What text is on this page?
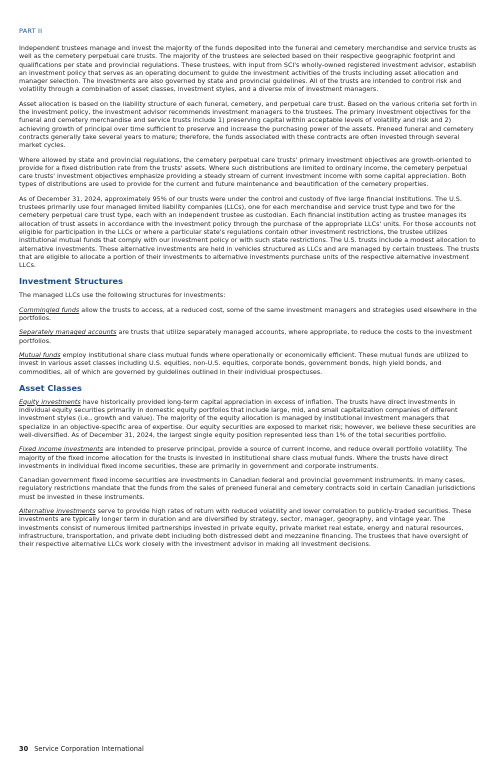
PART II

Independent trustees manage and invest the majority of the funds deposited into the funeral and cemetery merchandise and service trusts as well as the cemetery perpetual care trusts. The majority of the trustees are selected based on their respective geographic footprint and qualifications per state and provincial regulations. These trustees, with input from SCI's wholly-owned registered investment advisor, establish an investment policy that serves as an operating document to guide the investment activities of the trusts including asset allocation and manager selection. The investments are also governed by state and provincial guidelines. All of the trusts are intended to control risk and volatility through a combination of asset classes, investment styles, and a diverse mix of investment managers.

Asset allocation is based on the liability structure of each funeral, cemetery, and perpetual care trust. Based on the various criteria set forth in the investment policy, the investment advisor recommends investment managers to the trustees. The primary investment objectives for the funeral and cemetery merchandise and service trusts include 1) preserving capital within acceptable levels of volatility and risk and 2) achieving growth of principal over time sufficient to preserve and increase the purchasing power of the assets. Preneed funeral and cemetery contracts generally take several years to mature; therefore, the funds associated with these contracts are often invested through several market cycles.

Where allowed by state and provincial regulations, the cemetery perpetual care trusts' primary investment objectives are growth-oriented to provide for a fixed distribution rate from the trusts' assets. Where such distributions are limited to ordinary income, the cemetery perpetual care trusts' investment objectives emphasize providing a steady stream of current investment income with some capital appreciation. Both types of distributions are used to provide for the current and future maintenance and beautification of the cemetery properties.

As of December 31, 2024, approximately 95% of our trusts were under the control and custody of five large financial institutions. The U.S. trustees primarily use four managed limited liability companies (LLCs), one for each merchandise and service trust type and two for the cemetery perpetual care trust type, each with an independent trustee as custodian. Each financial institution acting as trustee manages its allocation of trust assets in accordance with the investment policy through the purchase of the appropriate LLCs' units. For those accounts not eligible for participation in the LLCs or where a particular state's regulations contain other investment restrictions, the trustee utilizes institutional mutual funds that comply with our investment policy or with such state restrictions. The U.S. trusts include a modest allocation to alternative investments. These alternative investments are held in vehicles structured as LLCs and are managed by certain trustees. The trusts that are eligible to allocate a portion of their investments to alternative investments purchase units of the respective alternative investment LLCs.

Investment Structures

The managed LLCs use the following structures for investments:

Commingled funds allow the trusts to access, at a reduced cost, some of the same investment managers and strategies used elsewhere in the portfolios.

Separately managed accounts are trusts that utilize separately managed accounts, where appropriate, to reduce the costs to the investment portfolios.

Mutual funds employ institutional share class mutual funds where operationally or economically efficient. These mutual funds are utilized to invest in various asset classes including U.S. equities, non-U.S. equities, corporate bonds, government bonds, high yield bonds, and commodities, all of which are governed by guidelines outlined in their individual prospectuses.

Asset Classes

Equity investments have historically provided long-term capital appreciation in excess of inflation. The trusts have direct investments in individual equity securities primarily in domestic equity portfolios that include large, mid, and small capitalization companies of different investment styles (i.e., growth and value). The majority of the equity allocation is managed by institutional investment managers that specialize in an objective-specific area of expertise. Our equity securities are exposed to market risk; however, we believe these securities are well-diversified. As of December 31, 2024, the largest single equity position represented less than 1% of the total securities portfolio.

Fixed income investments are intended to preserve principal, provide a source of current income, and reduce overall portfolio volatility. The majority of the fixed income allocation for the trusts is invested in institutional share class mutual funds. Where the trusts have direct investments in individual fixed income securities, these are primarily in government and corporate instruments.

Canadian government fixed income securities are investments in Canadian federal and provincial government instruments. In many cases, regulatory restrictions mandate that the funds from the sales of preneed funeral and cemetery contracts sold in certain Canadian jurisdictions must be invested in these instruments.

Alternative investments serve to provide high rates of return with reduced volatility and lower correlation to publicly-traded securities. These investments are typically longer term in duration and are diversified by strategy, sector, manager, geography, and vintage year. The investments consist of numerous limited partnerships invested in private equity, private market real estate, energy and natural resources, infrastructure, transportation, and private debt including both distressed debt and mezzanine financing. The trustees that have oversight of their respective alternative LLCs work closely with the investment advisor in making all investment decisions.

30 Service Corporation International
